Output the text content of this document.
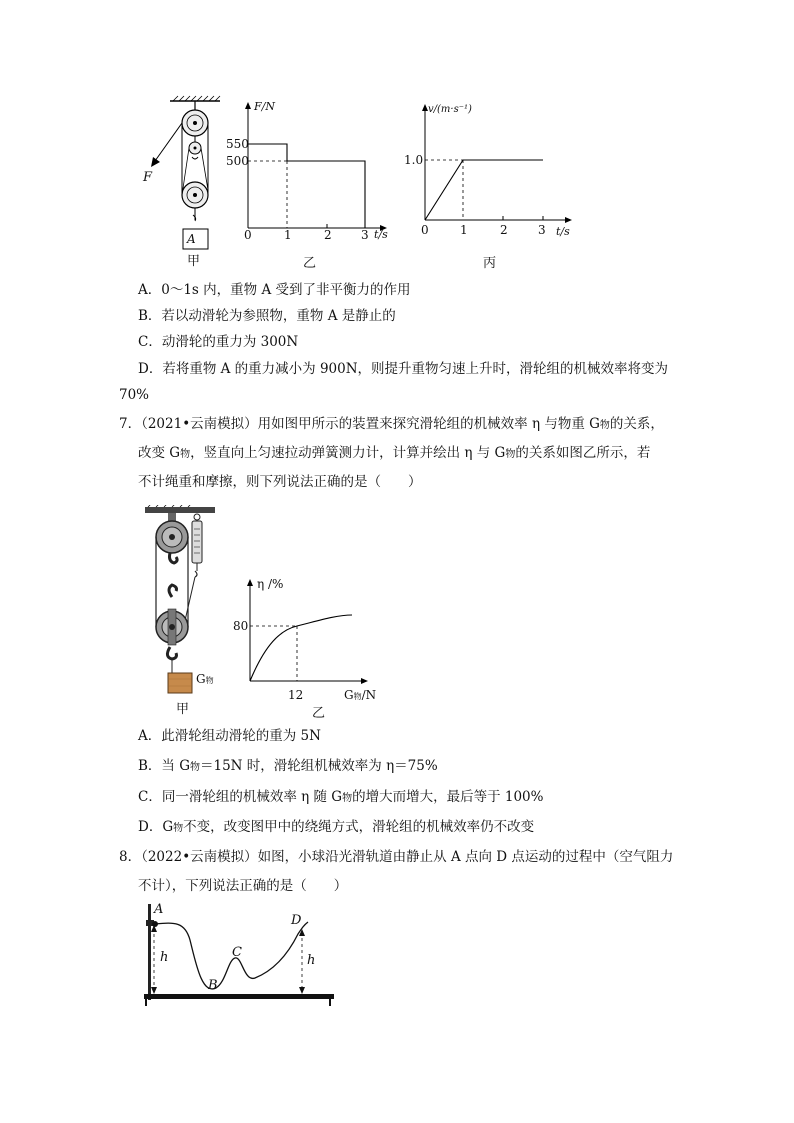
F
A
甲
F/N
550
500
0	1	2 3 t/s
乙
v/(m·s⁻¹)
1.0
0	1	2	3 t/s
丙
A．0～1s 内，重物 A 受到了非平衡力的作用
B．若以动滑轮为参照物，重物 A 是静止的
C．动滑轮的重力为 300N
D．若将重物 A 的重力减小为 900N，则提升重物匀速上升时，滑轮组的机械效率将变为
70%
7．（2021•云南模拟）用如图甲所示的装置来探究滑轮组的机械效率 η 与物重 G物的关系，
改变 G物，竖直向上匀速拉动弹簧测力计，计算并绘出 η 与 G物的关系如图乙所示，若
不计绳重和摩擦，则下列说法正确的是（　　）
G物
甲
η /%
80
12	G物/N
乙
A．此滑轮组动滑轮的重为 5N
B．当 G物＝15N 时，滑轮组机械效率为 η＝75%
C．同一滑轮组的机械效率 η 随 G物的增大而增大，最后等于 100%
D．G物不变，改变图甲中的绕绳方式，滑轮组的机械效率仍不改变
8．（2022•云南模拟）如图，小球沿光滑轨道由静止从 A 点向 D 点运动的过程中（空气阻力
不计），下列说法正确的是（　　）
A
B
C
D
h	h
